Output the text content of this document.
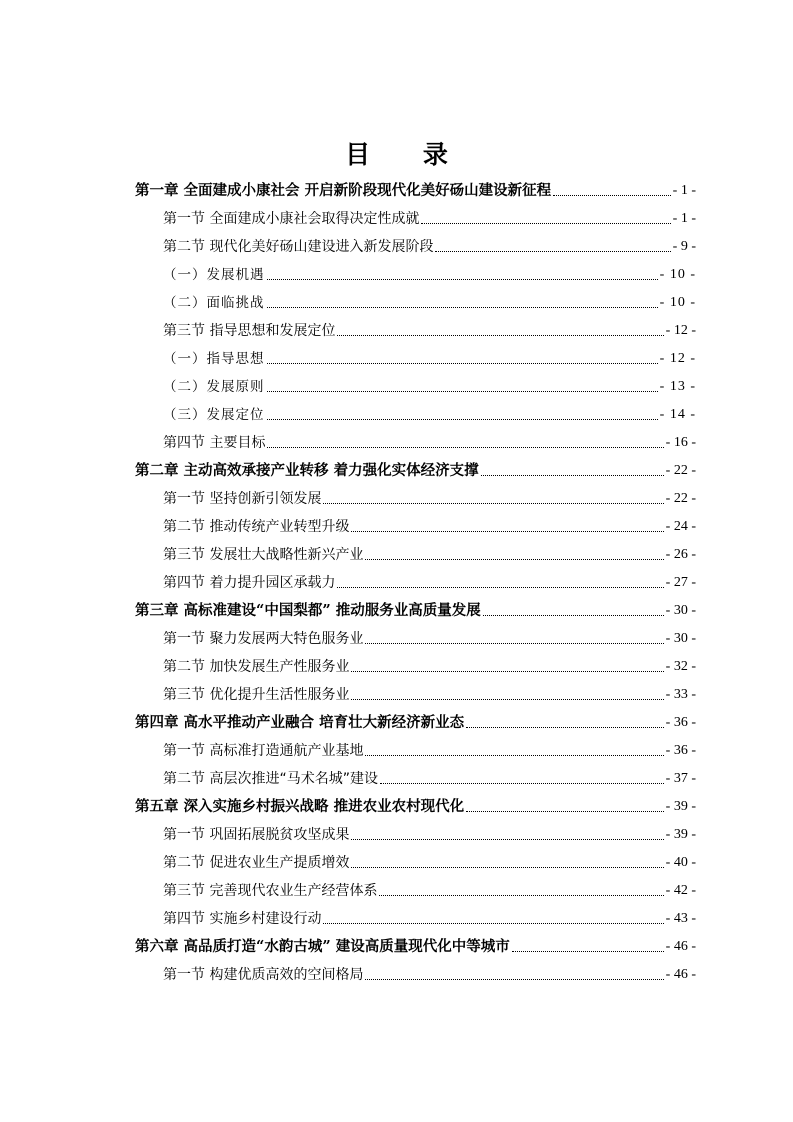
目 录
第一章 全面建成小康社会 开启新阶段现代化美好砀山建设新征程	- 1 -
第一节 全面建成小康社会取得决定性成就	- 1 -
第二节 现代化美好砀山建设进入新发展阶段	- 9 -
（一）发展机遇	- 10 -
（二）面临挑战	- 10 -
第三节 指导思想和发展定位	- 12 -
（一）指导思想	- 12 -
（二）发展原则	- 13 -
（三）发展定位	- 14 -
第四节 主要目标	- 16 -
第二章 主动高效承接产业转移 着力强化实体经济支撑	- 22 -
第一节 坚持创新引领发展	- 22 -
第二节 推动传统产业转型升级	- 24 -
第三节 发展壮大战略性新兴产业	- 26 -
第四节 着力提升园区承载力	- 27 -
第三章 高标准建设“中国梨都” 推动服务业高质量发展	- 30 -
第一节 聚力发展两大特色服务业	- 30 -
第二节 加快发展生产性服务业	- 32 -
第三节 优化提升生活性服务业	- 33 -
第四章 高水平推动产业融合 培育壮大新经济新业态	- 36 -
第一节 高标准打造通航产业基地	- 36 -
第二节 高层次推进“马术名城”建设	- 37 -
第五章 深入实施乡村振兴战略 推进农业农村现代化	- 39 -
第一节 巩固拓展脱贫攻坚成果	- 39 -
第二节 促进农业生产提质增效	- 40 -
第三节 完善现代农业生产经营体系	- 42 -
第四节 实施乡村建设行动	- 43 -
第六章 高品质打造“水韵古城” 建设高质量现代化中等城市	- 46 -
第一节 构建优质高效的空间格局	- 46 -
